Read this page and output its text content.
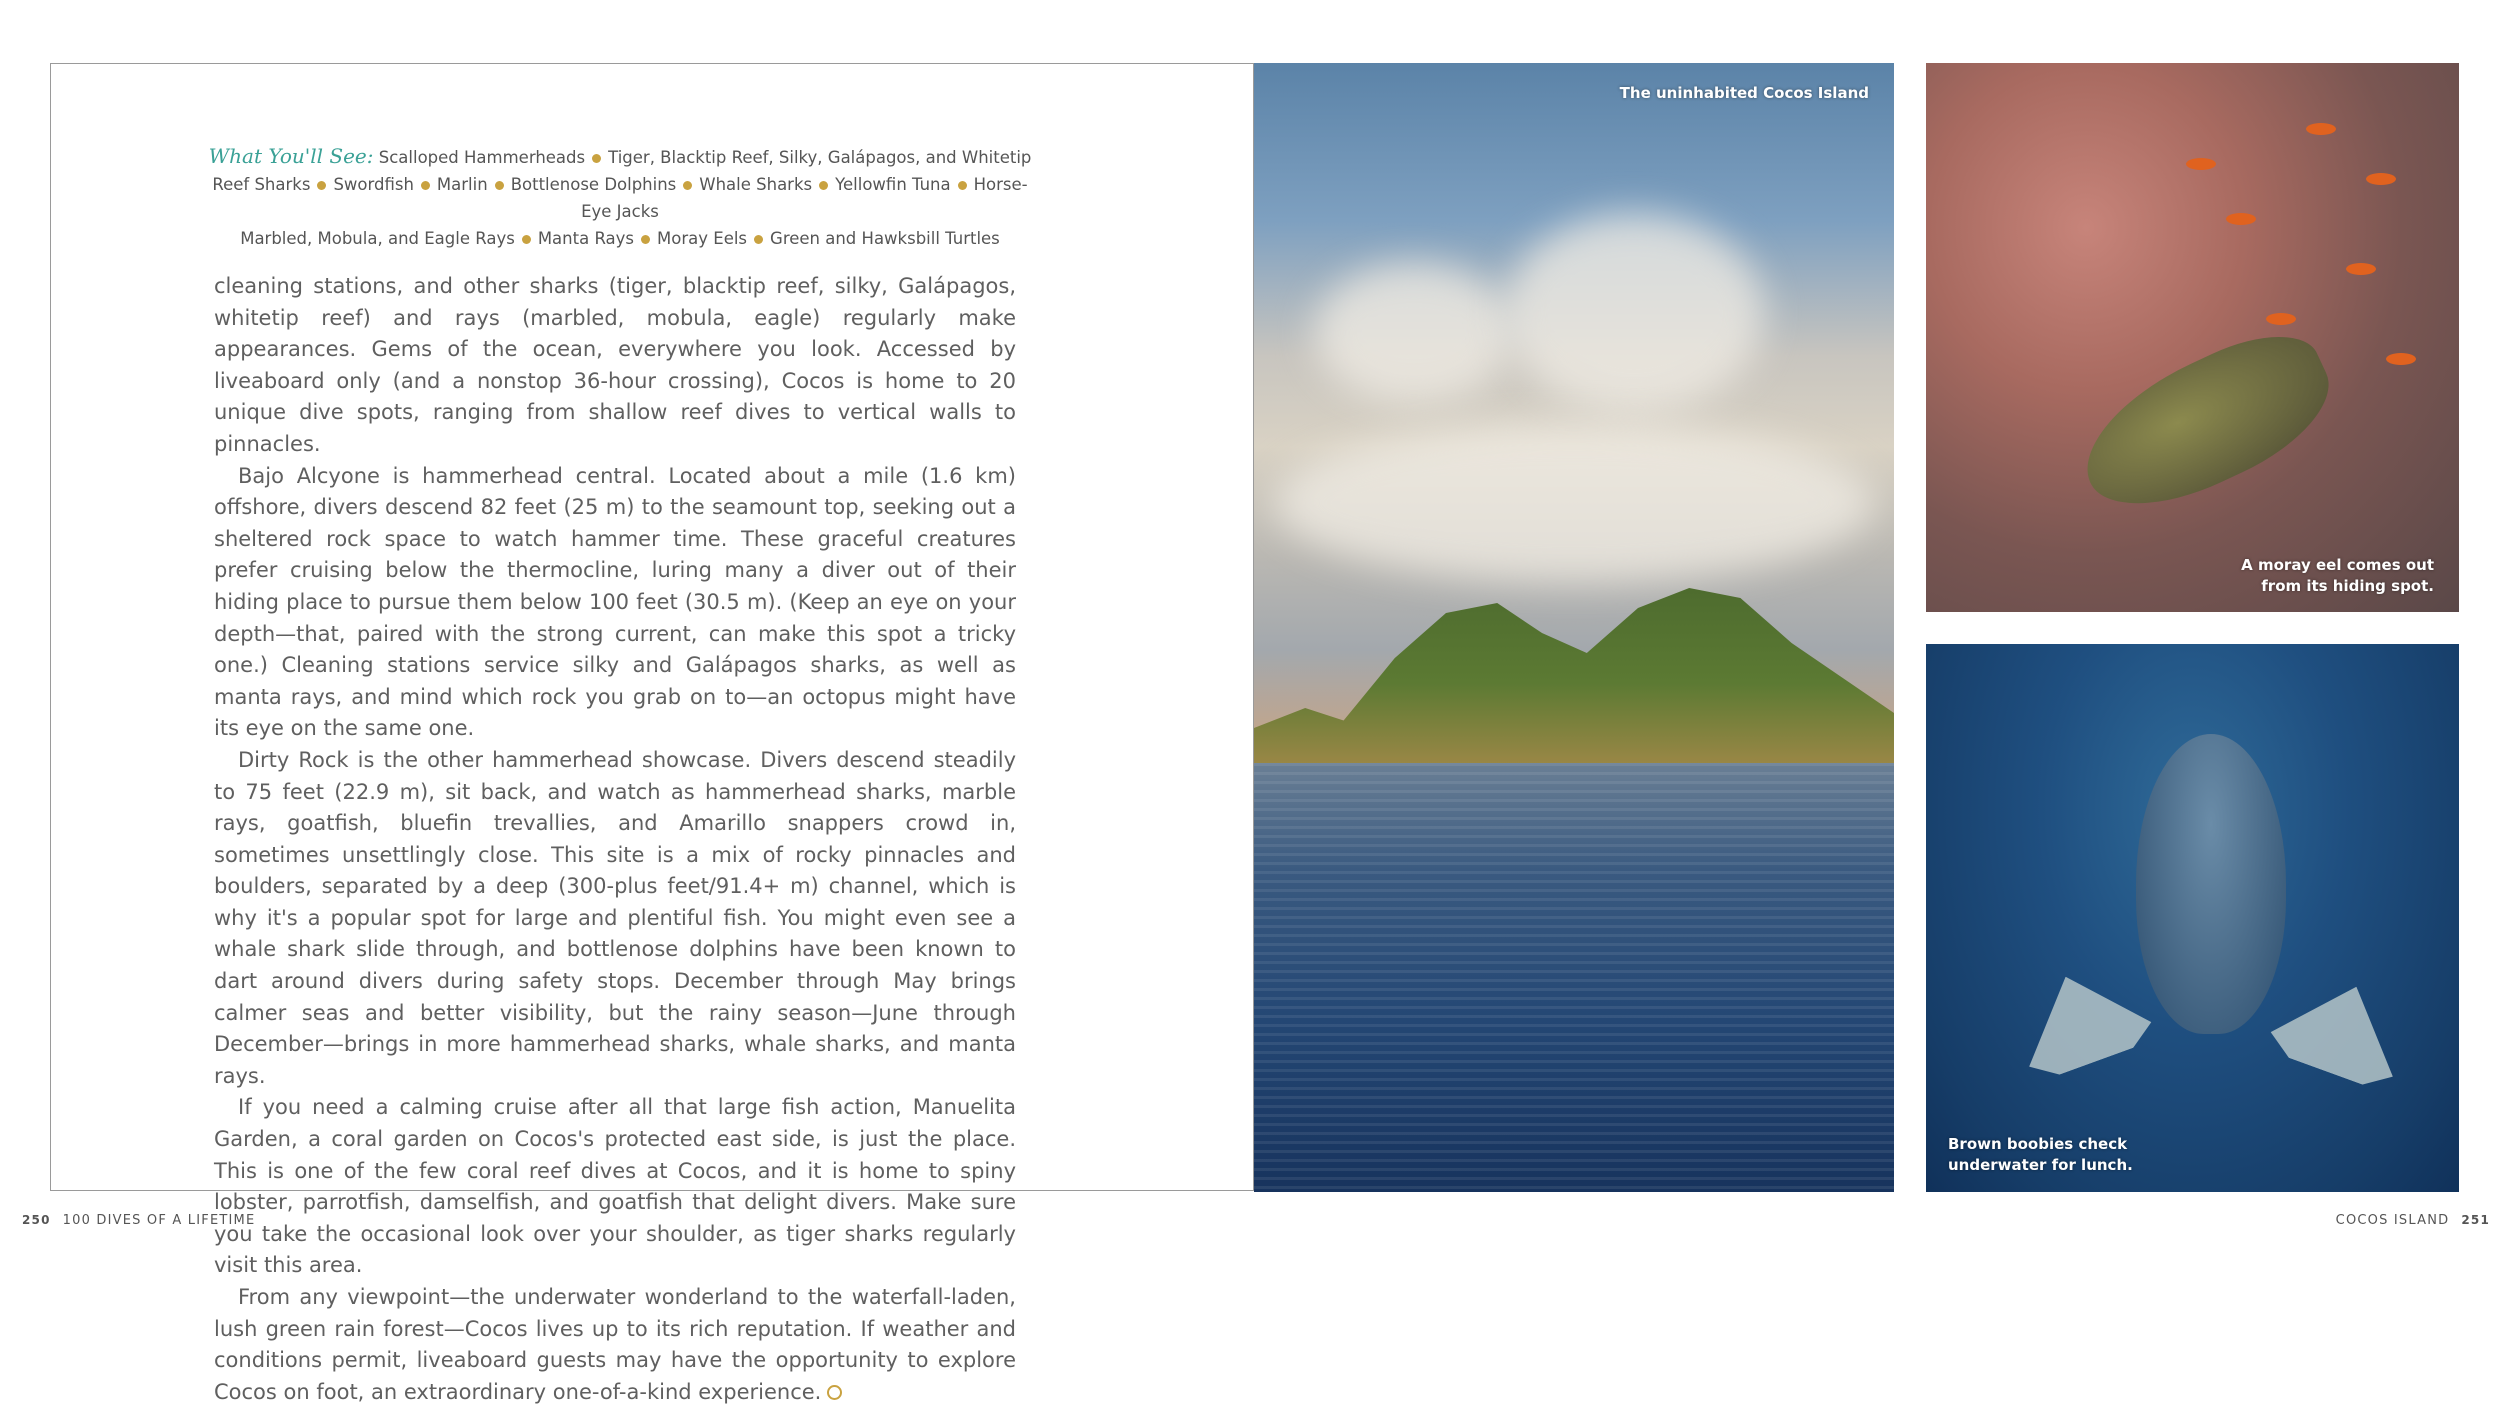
What You'll See: Scalloped Hammerheads Tiger, Blacktip Reef, Silky, Galápagos, and Whitetip Reef Sharks Swordfish Marlin Bottlenose Dolphins Whale Sharks Yellowfin Tuna Horse-Eye Jacks
Marbled, Mobula, and Eagle Rays Manta Rays Moray Eels Green and Hawksbill Turtles

cleaning stations, and other sharks (tiger, blacktip reef, silky, Galápagos, whitetip reef) and rays (marbled, mobula, eagle) regularly make appearances. Gems of the ocean, everywhere you look. Accessed by liveaboard only (and a nonstop 36-hour crossing), Cocos is home to 20 unique dive spots, ranging from shallow reef dives to vertical walls to pinnacles.

Bajo Alcyone is hammerhead central. Located about a mile (1.6 km) offshore, divers descend 82 feet (25 m) to the seamount top, seeking out a sheltered rock space to watch hammer time. These graceful creatures prefer cruising below the thermocline, luring many a diver out of their hiding place to pursue them below 100 feet (30.5 m). (Keep an eye on your depth—that, paired with the strong current, can make this spot a tricky one.) Cleaning stations service silky and Galápagos sharks, as well as manta rays, and mind which rock you grab on to—an octopus might have its eye on the same one.

Dirty Rock is the other hammerhead showcase. Divers descend steadily to 75 feet (22.9 m), sit back, and watch as hammerhead sharks, marble rays, goatfish, bluefin trevallies, and Amarillo snappers crowd in, sometimes unsettlingly close. This site is a mix of rocky pinnacles and boulders, separated by a deep (300-plus feet/91.4+ m) channel, which is why it's a popular spot for large and plentiful fish. You might even see a whale shark slide through, and bottlenose dolphins have been known to dart around divers during safety stops. December through May brings calmer seas and better visibility, but the rainy season—June through December—brings in more hammerhead sharks, whale sharks, and manta rays.

If you need a calming cruise after all that large fish action, Manuelita Garden, a coral garden on Cocos's protected east side, is just the place. This is one of the few coral reef dives at Cocos, and it is home to spiny lobster, parrotfish, damselfish, and goatfish that delight divers. Make sure you take the occasional look over your shoulder, as tiger sharks regularly visit this area.

From any viewpoint—the underwater wonderland to the waterfall-laden, lush green rain forest—Cocos lives up to its rich reputation. If weather and conditions permit, liveaboard guests may have the opportunity to explore Cocos on foot, an extraordinary one-of-a-kind experience.

The uninhabited Cocos Island
A moray eel comes out
from its hiding spot.
Brown boobies check
underwater for lunch.
250 100 DIVES OF A LIFETIME	COCOS ISLAND 251
